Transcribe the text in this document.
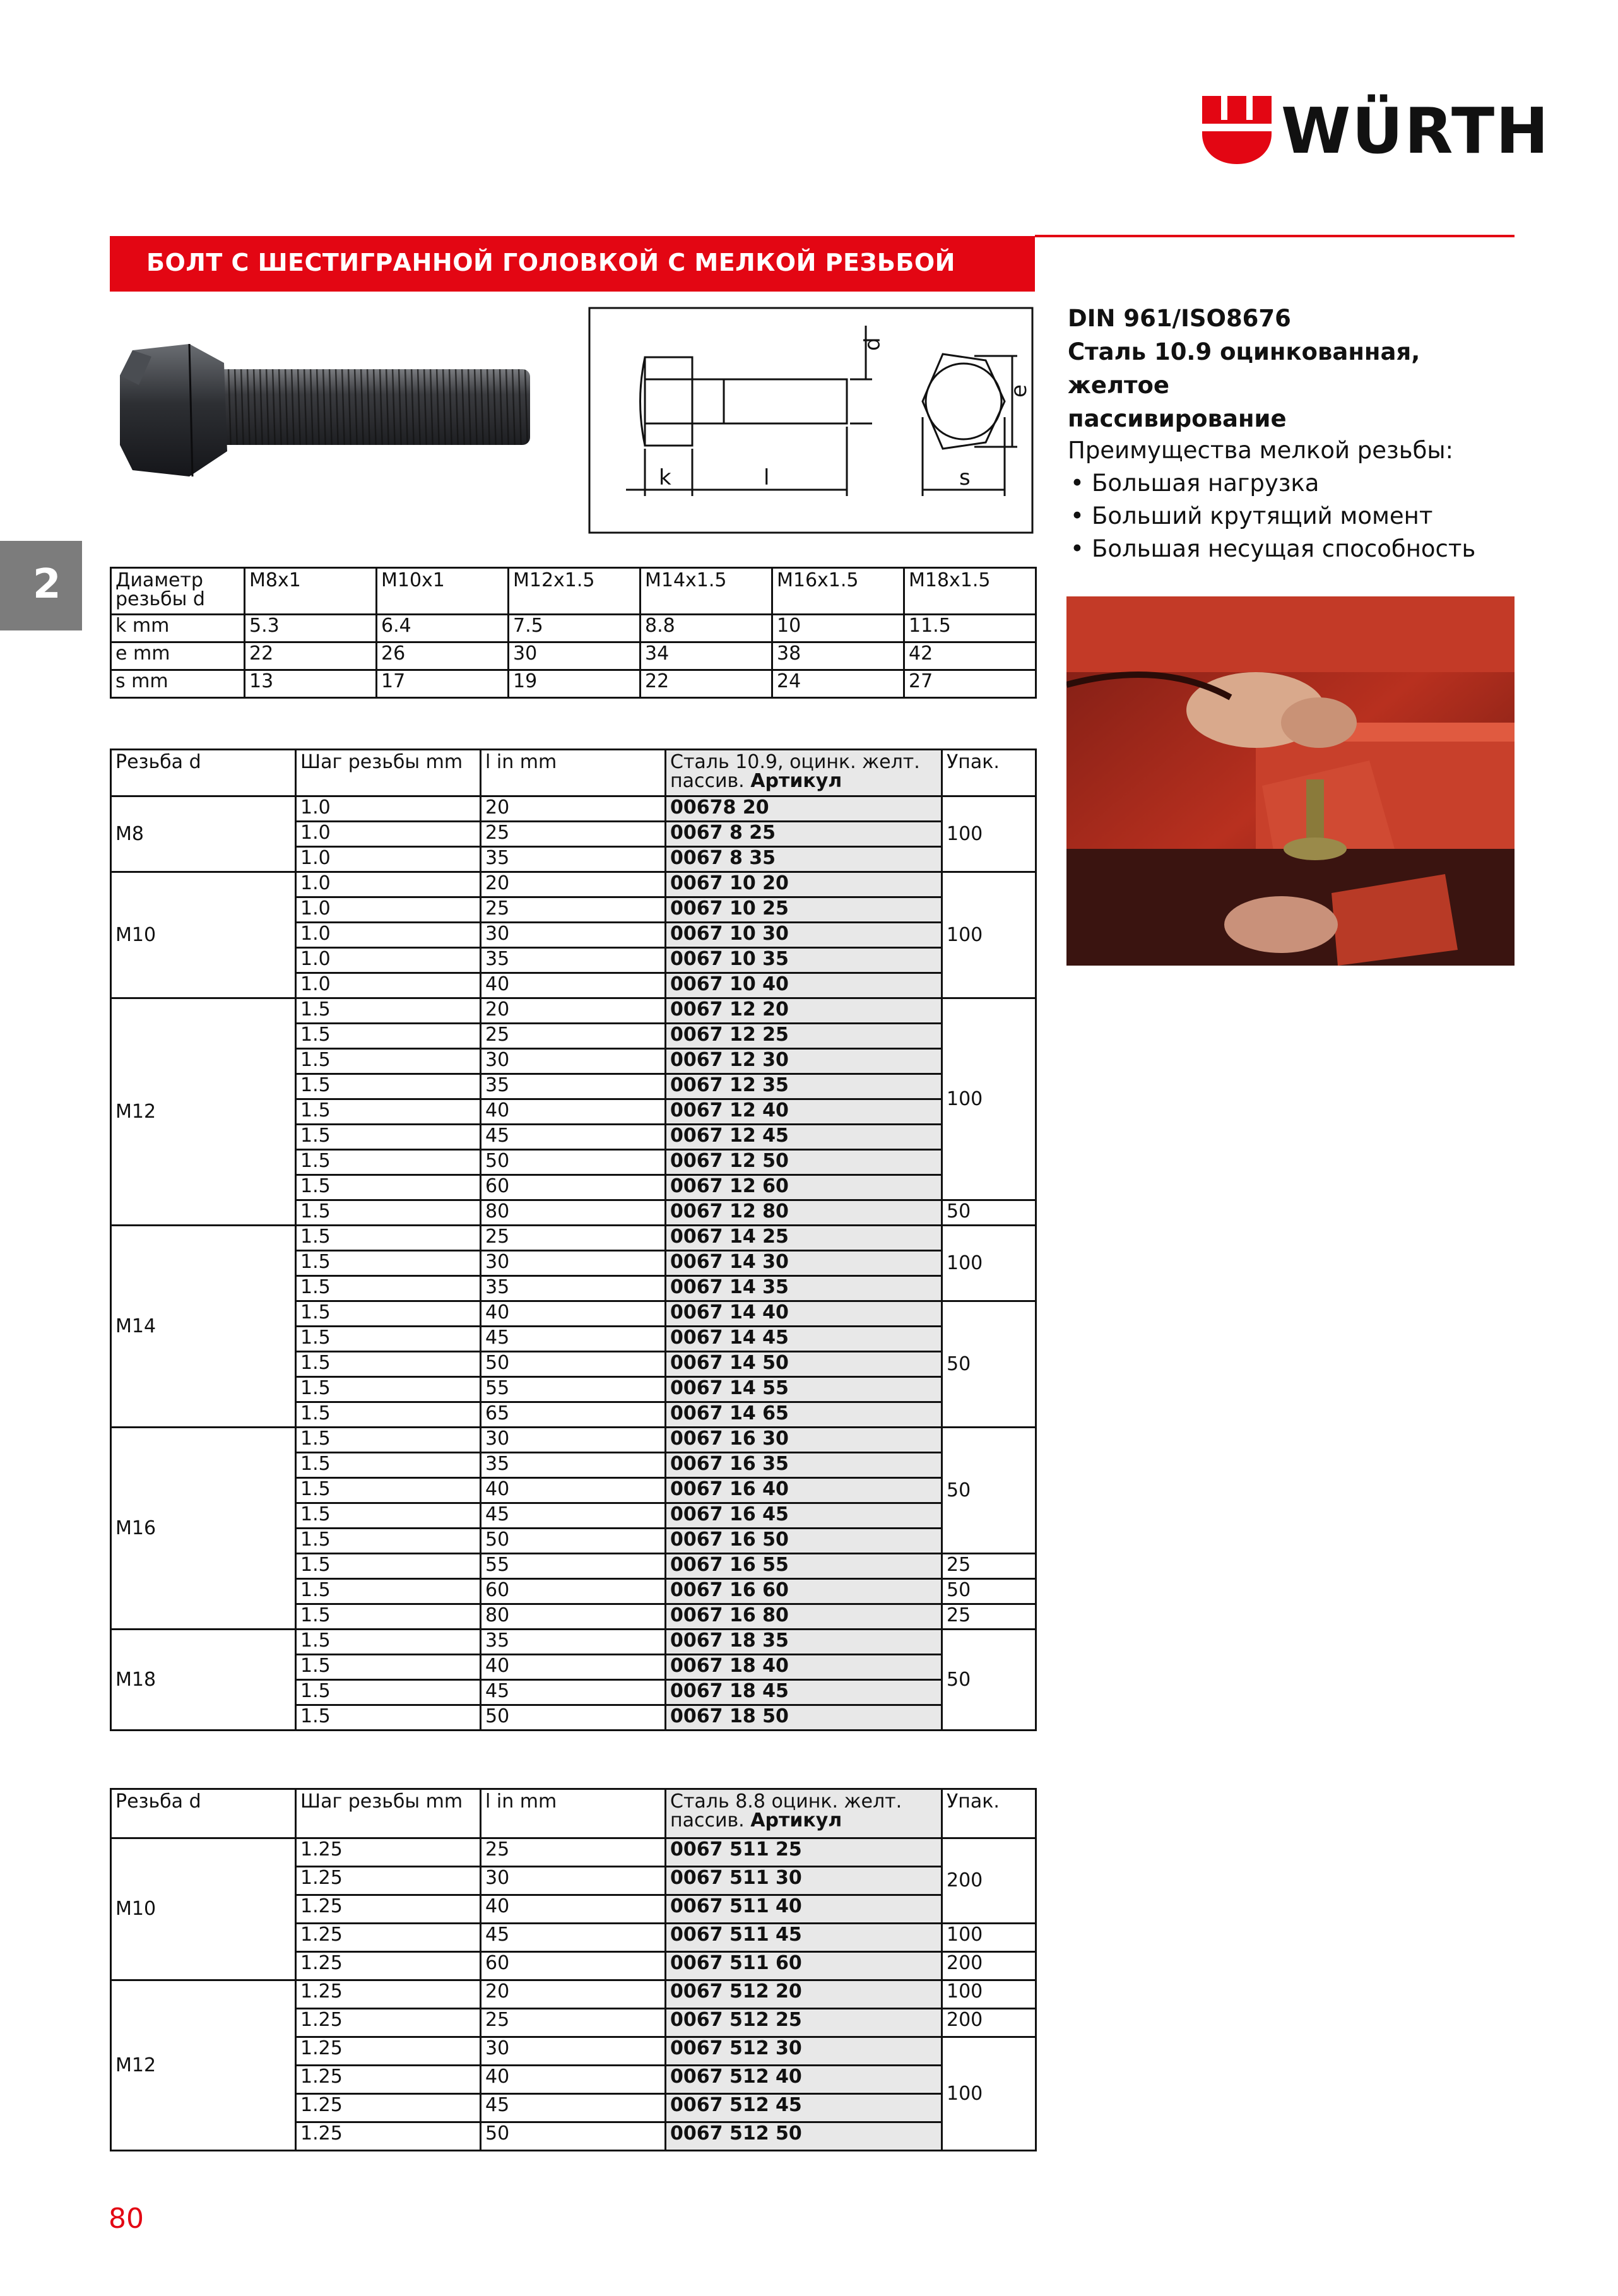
WÜRTH
БОЛТ С ШЕСТИГРАННОЙ ГОЛОВКОЙ С МЕЛКОЙ РЕЗЬБОЙ
2
k	l	s
d
e
DIN 961/ISO8676
Сталь 10.9 оцинкованная, желтое
пассивирование
Преимущества мелкой резьбы:
• Большая нагрузка
• Больший крутящий момент
• Большая несущая способность
Диаметр
резьбы d	M8x1	M10x1	M12x1.5	M14x1.5	M16x1.5	M18x1.5
k mm	5.3	6.4	7.5	8.8	10	11.5
e mm	22	26	30	34	38	42
s mm	13	17	19	22	24	27
Резьба d	Шаг резьбы mm	l in mm	Сталь 10.9, оцинк. желт.
пассив. Артикул	Упак.
M8	1.0	20	00678 20	100
	1.0	25	0067 8 25	
	1.0	35	0067 8 35	
M10	1.0	20	0067 10 20	100
	1.0	25	0067 10 25	
	1.0	30	0067 10 30	
	1.0	35	0067 10 35	
	1.0	40	0067 10 40	
M12	1.5	20	0067 12 20	100
	1.5	25	0067 12 25	
	1.5	30	0067 12 30	
	1.5	35	0067 12 35	
	1.5	40	0067 12 40	
	1.5	45	0067 12 45	
	1.5	50	0067 12 50	
	1.5	60	0067 12 60	
	1.5	80	0067 12 80	50
M14	1.5	25	0067 14 25	100
	1.5	30	0067 14 30	
	1.5	35	0067 14 35	
	1.5	40	0067 14 40	50
	1.5	45	0067 14 45	
	1.5	50	0067 14 50	
	1.5	55	0067 14 55	
	1.5	65	0067 14 65	
M16	1.5	30	0067 16 30	50
	1.5	35	0067 16 35	
	1.5	40	0067 16 40	
	1.5	45	0067 16 45	
	1.5	50	0067 16 50	
	1.5	55	0067 16 55	25
	1.5	60	0067 16 60	50
	1.5	80	0067 16 80	25
M18	1.5	35	0067 18 35	50
	1.5	40	0067 18 40	
	1.5	45	0067 18 45	
	1.5	50	0067 18 50	
Резьба d	Шаг резьбы mm	l in mm	Сталь 8.8 оцинк. желт.
пассив. Артикул	Упак.
M10	1.25	25	0067 511 25	200
	1.25	30	0067 511 30	
	1.25	40	0067 511 40	
	1.25	45	0067 511 45	100
	1.25	60	0067 511 60	200
M12	1.25	20	0067 512 20	100
	1.25	25	0067 512 25	200
	1.25	30	0067 512 30	100
	1.25	40	0067 512 40	
	1.25	45	0067 512 45	
	1.25	50	0067 512 50	
80
